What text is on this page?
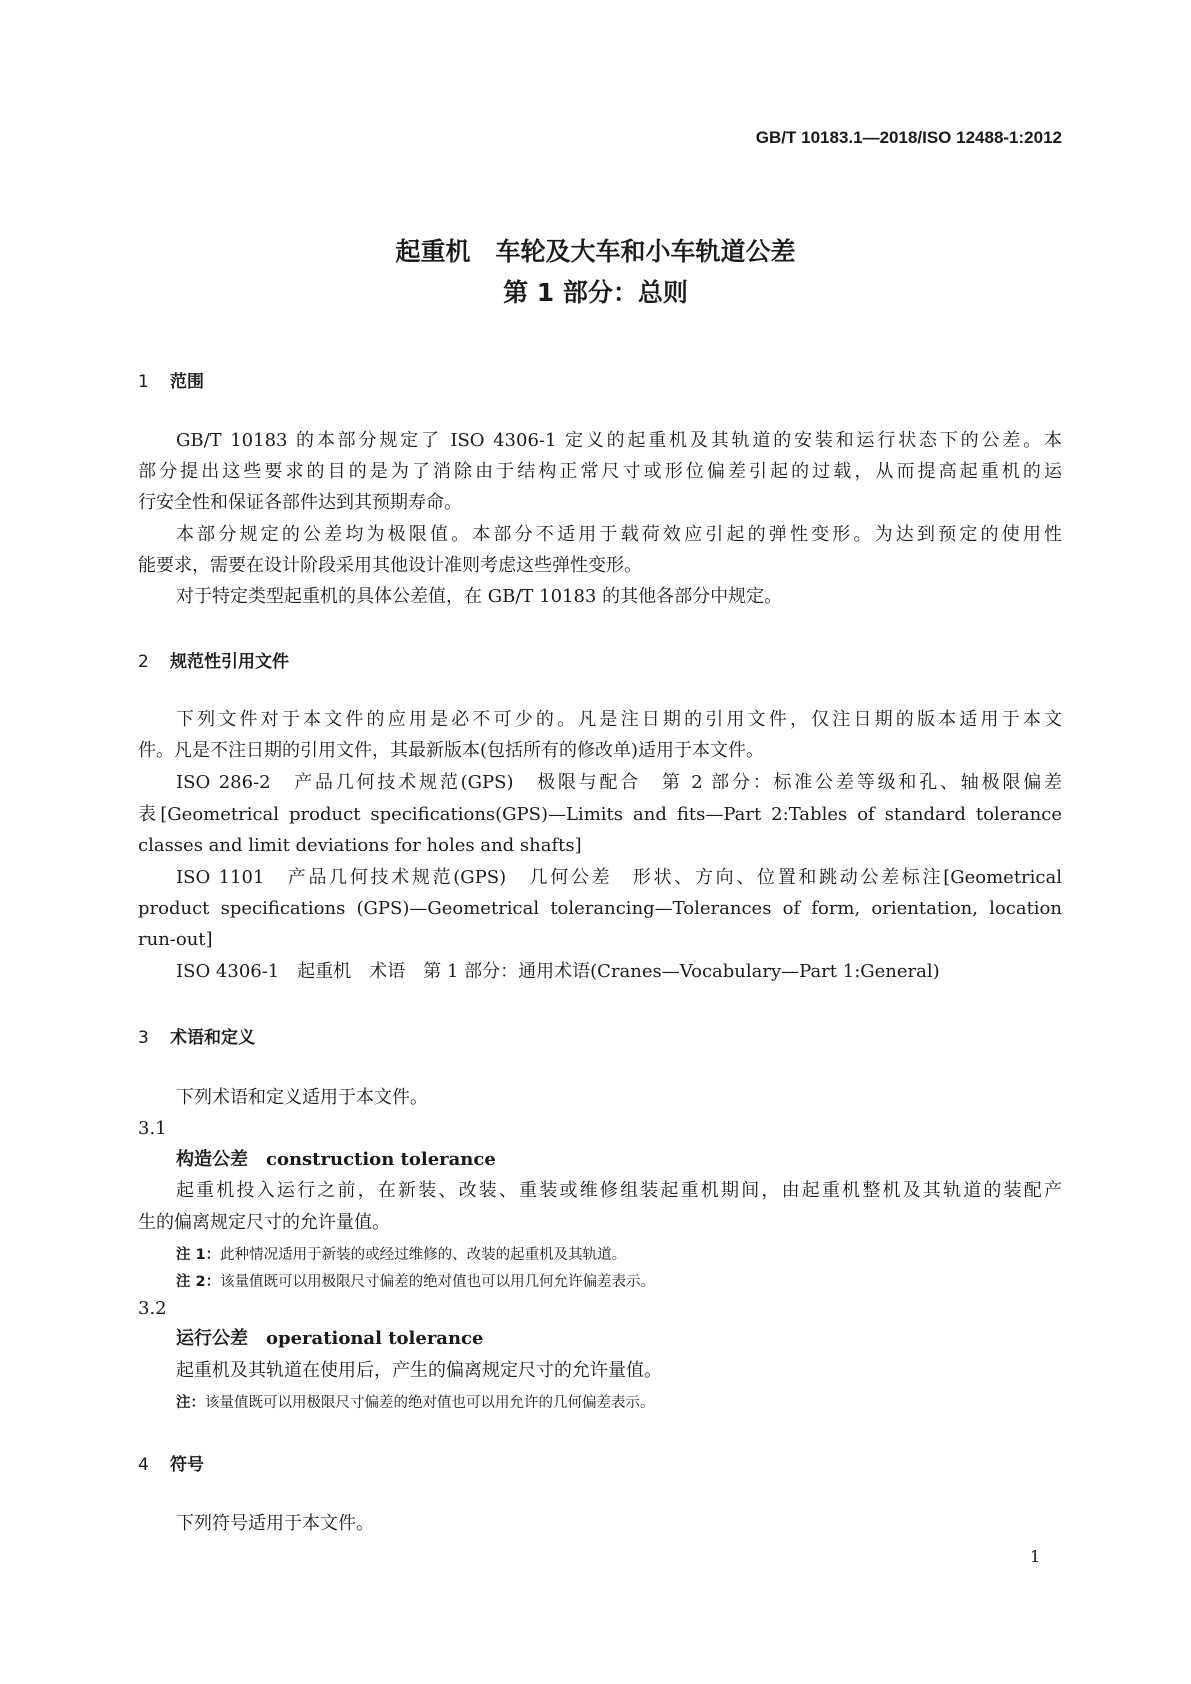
GB/T 10183.1—2018/ISO 12488-1:2012
起重机　车轮及大车和小车轨道公差
第 1 部分：总则
1 范围
GB/T 10183 的本部分规定了 ISO 4306-1 定义的起重机及其轨道的安装和运行状态下的公差。本
部分提出这些要求的目的是为了消除由于结构正常尺寸或形位偏差引起的过载，从而提高起重机的运
行安全性和保证各部件达到其预期寿命。
本部分规定的公差均为极限值。本部分不适用于载荷效应引起的弹性变形。为达到预定的使用性
能要求，需要在设计阶段采用其他设计准则考虑这些弹性变形。
对于特定类型起重机的具体公差值，在 GB/T 10183 的其他各部分中规定。
2 规范性引用文件
下列文件对于本文件的应用是必不可少的。凡是注日期的引用文件，仅注日期的版本适用于本文
件。凡是不注日期的引用文件，其最新版本(包括所有的修改单)适用于本文件。
ISO 286-2　产品几何技术规范(GPS)　极限与配合　第 2 部分：标准公差等级和孔、轴极限偏差
表[Geometrical product specifications(GPS)—Limits and fits—Part 2:Tables of standard tolerance
classes and limit deviations for holes and shafts]
ISO 1101　产品几何技术规范(GPS)　几何公差　形状、方向、位置和跳动公差标注[Geometrical
product specifications (GPS)—Geometrical tolerancing—Tolerances of form, orientation, location
run-out]
ISO 4306-1　起重机　术语　第 1 部分：通用术语(Cranes—Vocabulary—Part 1:General)
3 术语和定义
下列术语和定义适用于本文件。
3.1
构造公差　construction tolerance
起重机投入运行之前，在新装、改装、重装或维修组装起重机期间，由起重机整机及其轨道的装配产
生的偏离规定尺寸的允许量值。
注 1：此种情况适用于新装的或经过维修的、改装的起重机及其轨道。
注 2：该量值既可以用极限尺寸偏差的绝对值也可以用几何允许偏差表示。
3.2
运行公差　operational tolerance
起重机及其轨道在使用后，产生的偏离规定尺寸的允许量值。
注：该量值既可以用极限尺寸偏差的绝对值也可以用允许的几何偏差表示。
4 符号
下列符号适用于本文件。
1
